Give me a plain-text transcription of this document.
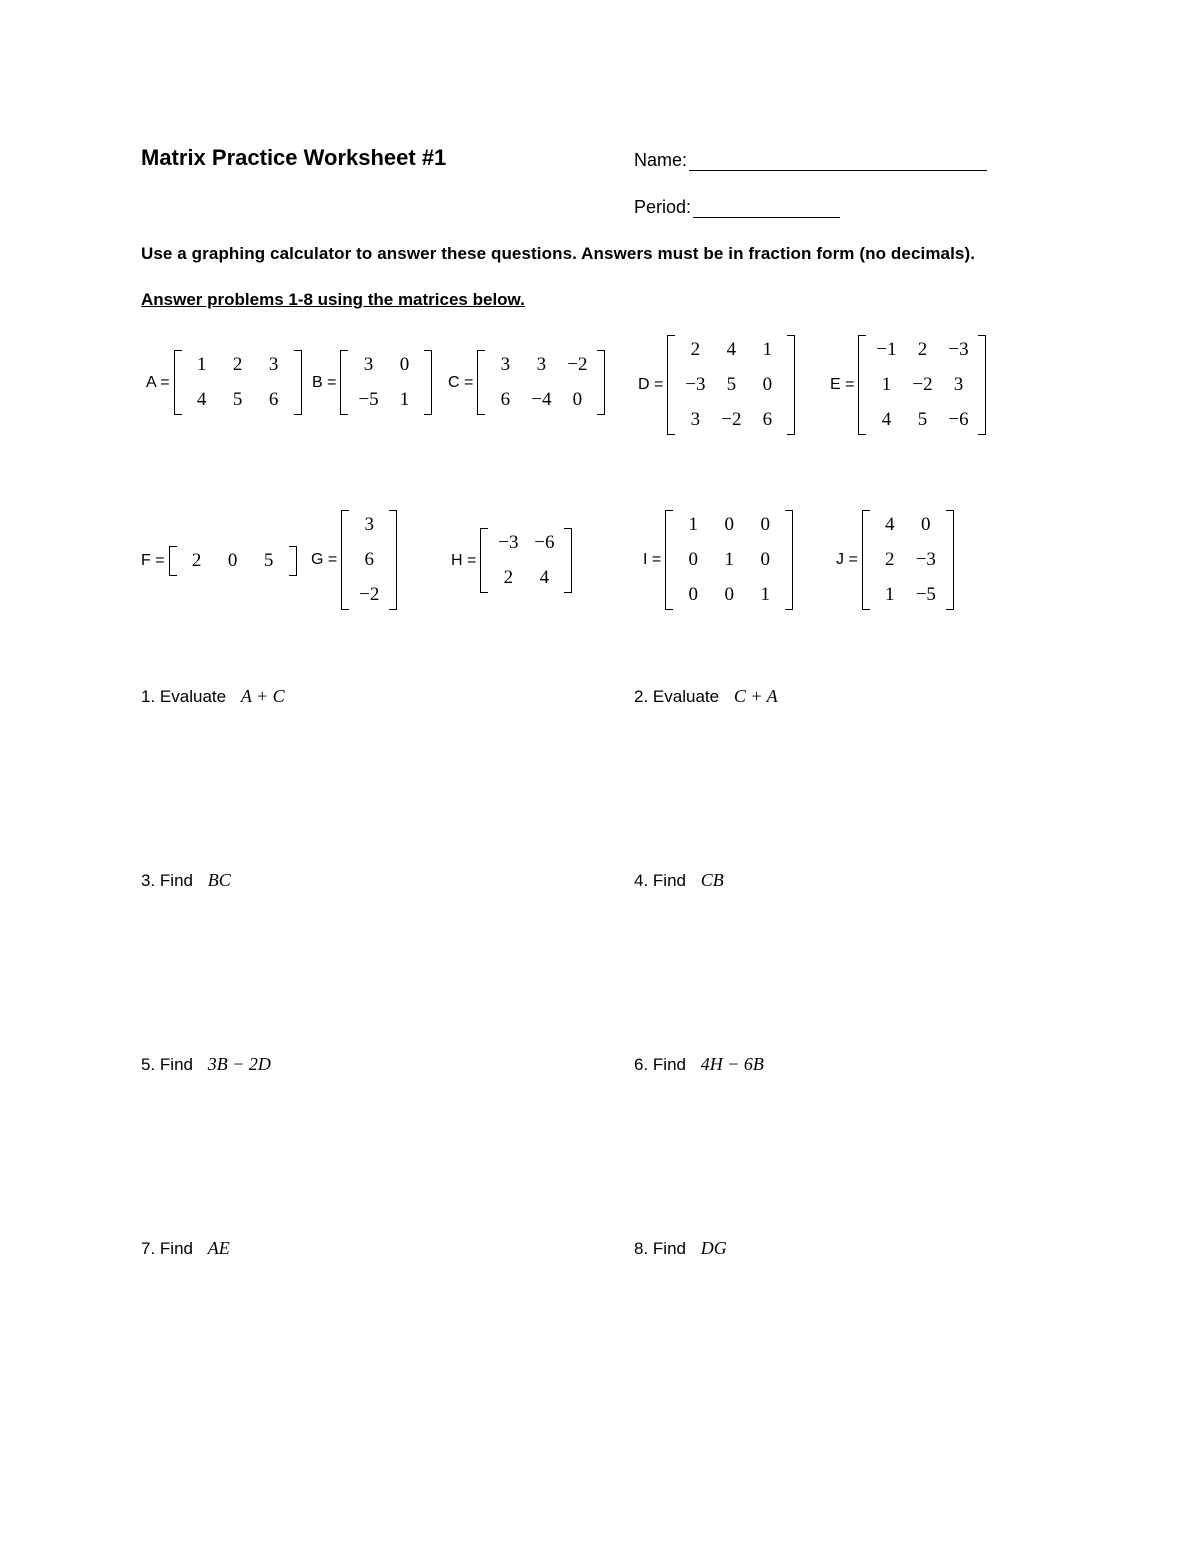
Matrix Practice Worksheet #1	Name:
Period:
Use a graphing calculator to answer these questions. Answers must be in fraction form (no decimals).
Answer problems 1-8 using the matrices below.
A =
1	2	3
4	5	6
B =
3	0
−5	1
C =
3	3	−2
6	−4	0
D =
2	4	1
−3	5	0
3	−2	6
E =
−1	2	−3
1	−2	3
4	5	−6
F =	2	0	5	G =
3
6
−2
H =
−3 −6
2	4
I =
1	0	0
0	1	0
0	0	1
J =
4	0
2	−3
1	−5
1. Evaluate A + C	2. Evaluate C + A
3. Find BC	4. Find CB
5. Find 3B − 2D	6. Find 4H − 6B
7. Find AE	8. Find DG
